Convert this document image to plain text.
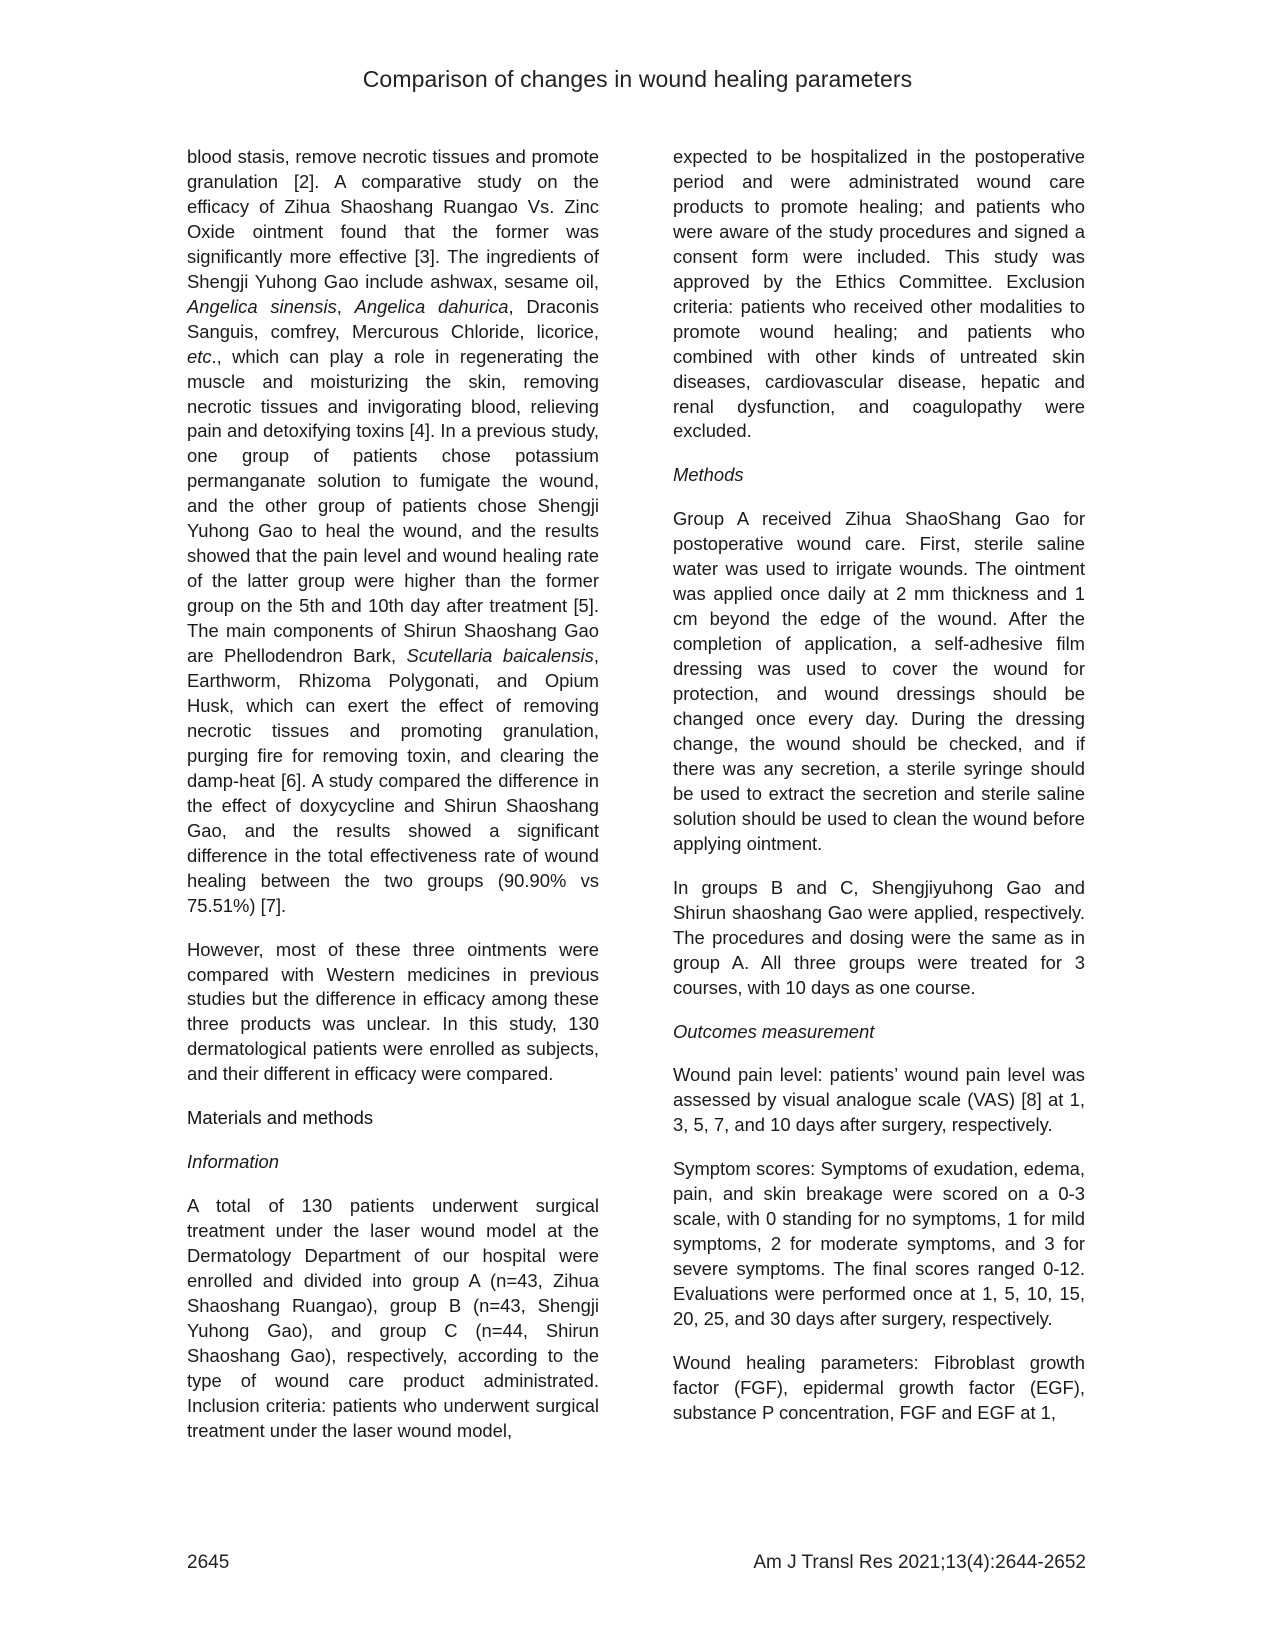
Comparison of changes in wound healing parameters

blood stasis, remove necrotic tissues and promote granulation [2]. A comparative study on the efficacy of Zihua Shaoshang Ruangao Vs. Zinc Oxide ointment found that the former was significantly more effective [3]. The ingredients of Shengji Yuhong Gao include ashwax, sesame oil, Angelica sinensis, Angelica dahurica, Draconis Sanguis, comfrey, Mercurous Chloride, licorice, etc., which can play a role in regenerating the muscle and moisturizing the skin, removing necrotic tissues and invigorating blood, relieving pain and detoxifying toxins [4]. In a previous study, one group of patients chose potassium permanganate solution to fumigate the wound, and the other group of patients chose Shengji Yuhong Gao to heal the wound, and the results showed that the pain level and wound healing rate of the latter group were higher than the former group on the 5th and 10th day after treatment [5]. The main components of Shirun Shaoshang Gao are Phellodendron Bark, Scutellaria baicalensis, Earthworm, Rhizoma Polygonati, and Opium Husk, which can exert the effect of removing necrotic tissues and promoting granulation, purging fire for removing toxin, and clearing the damp-heat [6]. A study compared the difference in the effect of doxycycline and Shirun Shaoshang Gao, and the results showed a significant difference in the total effectiveness rate of wound healing between the two groups (90.90% vs 75.51%) [7].

However, most of these three ointments were compared with Western medicines in previous studies but the difference in efficacy among these three products was unclear. In this study, 130 dermatological patients were enrolled as subjects, and their different in efficacy were compared.

Materials and methods
Information

A total of 130 patients underwent surgical treatment under the laser wound model at the Dermatology Department of our hospital were enrolled and divided into group A (n=43, Zihua Shaoshang Ruangao), group B (n=43, Shengji Yuhong Gao), and group C (n=44, Shirun Shaoshang Gao), respectively, according to the type of wound care product administrated. Inclusion criteria: patients who underwent surgical treatment under the laser wound model,

expected to be hospitalized in the postoperative period and were administrated wound care products to promote healing; and patients who were aware of the study procedures and signed a consent form were included. This study was approved by the Ethics Committee. Exclusion criteria: patients who received other modalities to promote wound healing; and patients who combined with other kinds of untreated skin diseases, cardiovascular disease, hepatic and renal dysfunction, and coagulopathy were excluded.

Methods

Group A received Zihua ShaoShang Gao for postoperative wound care. First, sterile saline water was used to irrigate wounds. The ointment was applied once daily at 2 mm thickness and 1 cm beyond the edge of the wound. After the completion of application, a self-adhesive film dressing was used to cover the wound for protection, and wound dressings should be changed once every day. During the dressing change, the wound should be checked, and if there was any secretion, a sterile syringe should be used to extract the secretion and sterile saline solution should be used to clean the wound before applying ointment.

In groups B and C, Shengjiyuhong Gao and Shirun shaoshang Gao were applied, respectively. The procedures and dosing were the same as in group A. All three groups were treated for 3 courses, with 10 days as one course.

Outcomes measurement

Wound pain level: patients’ wound pain level was assessed by visual analogue scale (VAS) [8] at 1, 3, 5, 7, and 10 days after surgery, respectively.

Symptom scores: Symptoms of exudation, edema, pain, and skin breakage were scored on a 0-3 scale, with 0 standing for no symptoms, 1 for mild symptoms, 2 for moderate symptoms, and 3 for severe symptoms. The final scores ranged 0-12. Evaluations were performed once at 1, 5, 10, 15, 20, 25, and 30 days after surgery, respectively.

Wound healing parameters: Fibroblast growth factor (FGF), epidermal growth factor (EGF), substance P concentration, FGF and EGF at 1,

2645	Am J Transl Res 2021;13(4):2644-2652
